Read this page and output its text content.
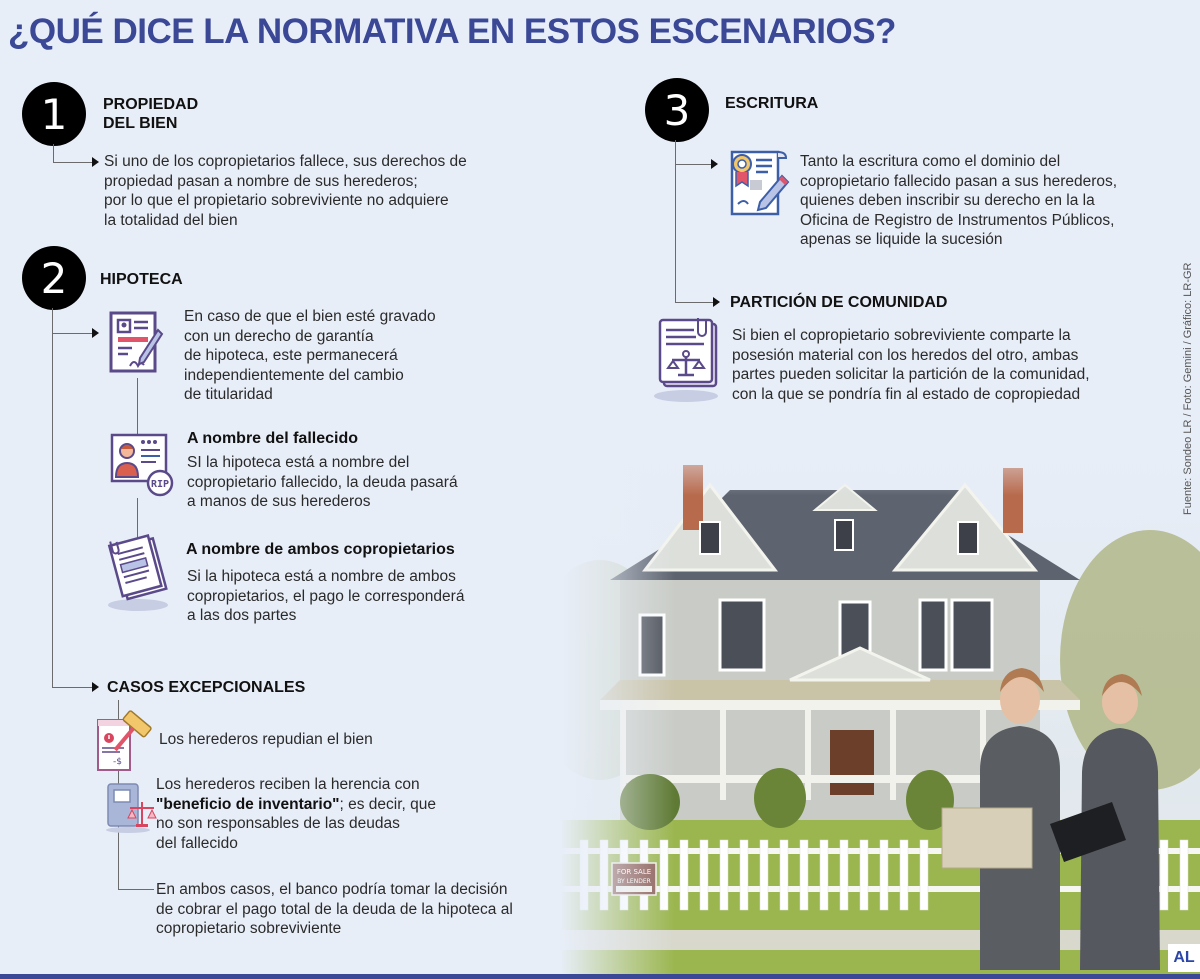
¿QUÉ DICE LA NORMATIVA EN ESTOS ESCENARIOS?
1	PROPIEDAD
DEL BIEN
Si uno de los copropietarios fallece, sus derechos de
propiedad pasan a nombre de sus herederos;
por lo que el propietario sobreviviente no adquiere
la totalidad del bien
2	HIPOTECA
En caso de que el bien esté gravado
con un derecho de garantía
de hipoteca, este permanecerá
independientemente del cambio
de titularidad
RIP
A nombre del fallecido
SI la hipoteca está a nombre del
copropietario fallecido, la deuda pasará
a manos de sus herederos
A nombre de ambos copropietarios
Si la hipoteca está a nombre de ambos
copropietarios, el pago le corresponderá
a las dos partes
CASOS EXCEPCIONALES
-$
Los herederos repudian el bien
Los herederos reciben la herencia con
"beneficio de inventario"; es decir, que
no son responsables de las deudas
del fallecido
En ambos casos, el banco podría tomar la decisión
de cobrar el pago total de la deuda de la hipoteca al
copropietario sobreviviente
3	ESCRITURA
Tanto la escritura como el dominio del
copropietario fallecido pasan a sus herederos,
quienes deben inscribir su derecho en la la
Oficina de Registro de Instrumentos Públicos,
apenas se liquide la sucesión
PARTICIÓN DE COMUNIDAD
Si bien el copropietario sobreviviente comparte la
posesión material con los heredos del otro, ambas
partes pueden solicitar la partición de la comunidad,
con la que se pondría fin al estado de copropiedad	Fuente: Sondeo LR / Foto: Gemini / Gráfico: LR-GR
AL
